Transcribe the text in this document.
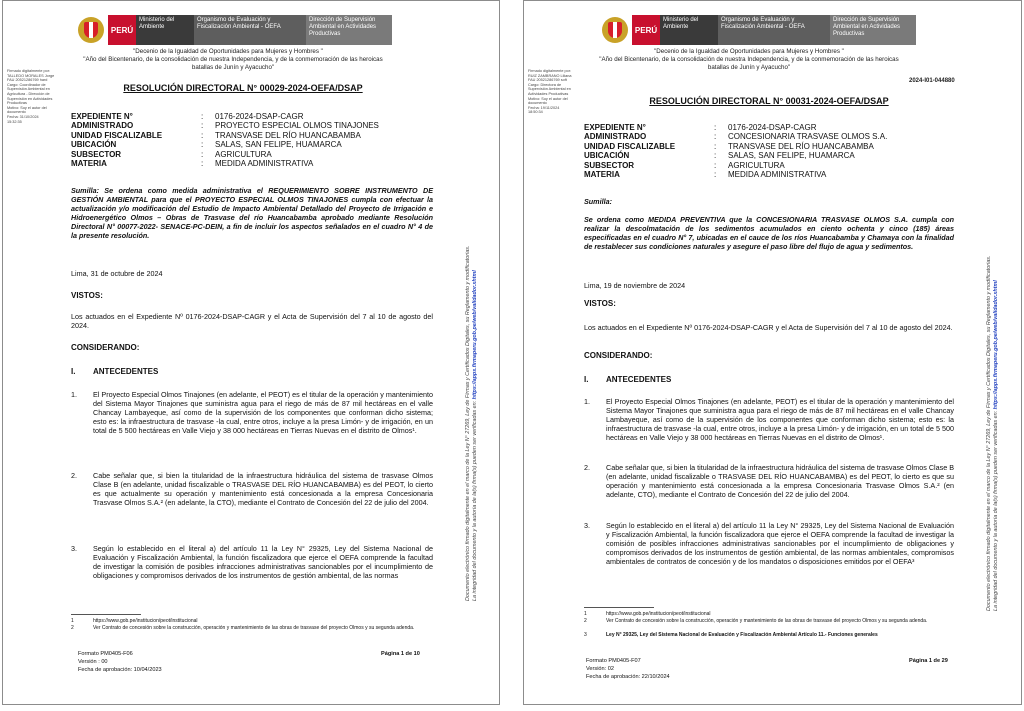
PERÚ
Ministerio del Ambiente
Organismo de Evaluación y Fiscalización Ambiental - OEFA
Dirección de Supervisión Ambiental en Actividades Productivas
"Decenio de la Igualdad de Oportunidades para Mujeres y Hombres "
"Año del Bicentenario, de la consolidación de nuestra Independencia, y de la conmemoración de las heroicas batallas de Junín y Ayacucho"
Firmado digitalmente por:
TALLEDO MORALES Jorge
FAU 20521286769 hard
Cargo: Coordinador de
Supervisión Ambiental en
Agricultura - Dirección de
Supervisión en Actividades
Productivas
Motivo: Soy el autor del
documento
Fecha: 31/10/2024
15:32:35
RESOLUCIÓN DIRECTORAL N° 00029-2024-OEFA/DSAP
EXPEDIENTE N°	:	0176-2024-DSAP-CAGR
ADMINISTRADO	:	PROYECTO ESPECIAL OLMOS TINAJONES
UNIDAD FISCALIZABLE	:	TRANSVASE DEL RÍO HUANCABAMBA
UBICACIÓN	:	SALAS, SAN FELIPE, HUAMARCA
SUBSECTOR	:	AGRICULTURA
MATERIA	:	MEDIDA ADMINISTRATIVA
Sumilla: Se ordena como medida administrativa el REQUERIMIENTO SOBRE INSTRUMENTO DE GESTIÓN AMBIENTAL para que el PROYECTO ESPECIAL OLMOS TINAJONES cumpla con efectuar la actualización y/o modificación del Estudio de Impacto Ambiental Detallado del Proyecto de Irrigación e Hidroenergético Olmos – Obras de Trasvase del río Huancabamba aprobado mediante Resolución Directoral N° 00077-2022- SENACE-PC-DEIN, a fin de incluir los aspectos señalados en el cuadro N° 4 de la presente resolución.
Lima, 31 de octubre de 2024
VISTOS:
Los actuados en el Expediente Nº 0176-2024-DSAP-CAGR y el Acta de Supervisión del 7 al 10 de agosto del 2024.
CONSIDERANDO:
I. ANTECEDENTES
1. El Proyecto Especial Olmos Tinajones (en adelante, el PEOT) es el titular de la operación y mantenimiento del Sistema Mayor Tinajones que suministra agua para el riego de más de 87 mil hectáreas en el valle Chancay Lambayeque, así como de la supervisión de los componentes que conforman dicho sistema; esto es: la infraestructura de trasvase -la cual, entre otros, incluye a la presa Limón- y de irrigación, en un total de 5 500 hectáreas en Valle Viejo y 38 000 hectáreas en Tierras Nuevas en el distrito de Olmos¹.
2. Cabe señalar que, si bien la titularidad de la infraestructura hidráulica del sistema de trasvase Olmos Clase B (en adelante, unidad fiscalizable o TRASVASE DEL RÍO HUANCABAMBA) es del PEOT, lo cierto es que actualmente su operación y mantenimiento está concesionada a la empresa Concesionaria Trasvase Olmos S.A.² (en adelante, la CTO), mediante el Contrato de Concesión del 22 de julio del 2004.
3. Según lo establecido en el literal a) del artículo 11 la Ley N° 29325, Ley del Sistema Nacional de Evaluación y Fiscalización Ambiental, la función fiscalizadora que ejerce el OEFA comprende la facultad de investigar la comisión de posibles infracciones administrativas sancionables por el incumplimiento de obligaciones y compromisos derivados de los instrumentos de gestión ambiental, de las normas
1	https://www.gob.pe/institucion/peot/institucional
2	Ver Contrato de concesión sobre la construcción, operación y mantenimiento de las obras de trasvase del proyecto Olmos y su segunda adenda.
Formato PM0405-F06
Versión : 00
Fecha de aprobación: 10/04/2023
Página 1 de 10
Documento electrónico firmado digitalmente en el marco de la Ley N° 27269, Ley de Firmas y Certificados Digitales, su Reglamento y modificatorias.
La integridad del documento y la autoría de la(s) firma(s) pueden ser verificadas en: https://apps.firmaperu.gob.pe/web/validador.xhtml
PERÚ
Ministerio del Ambiente
Organismo de Evaluación y Fiscalización Ambiental - OEFA
Dirección de Supervisión Ambiental en Actividades Productivas
"Decenio de la Igualdad de Oportunidades para Mujeres y Hombres "
"Año del Bicentenario, de la consolidación de nuestra Independencia, y de la conmemoración de las heroicas batallas de Junín y Ayacucho"
Firmado digitalmente por:
RUIZ ZAMBRANO Liliana
FAU 20521286769 soft
Cargo: Directora de
Supervisión Ambiental en
Actividades Productivas
Motivo: Soy el autor del
documento
Fecha: 19/11/2024
18:50:34
2024-I01-044880
RESOLUCIÓN DIRECTORAL N° 00031-2024-OEFA/DSAP
EXPEDIENTE N°	:	0176-2024-DSAP-CAGR
ADMINISTRADO	:	CONCESIONARIA TRASVASE OLMOS S.A.
UNIDAD FISCALIZABLE	:	TRANSVASE DEL RÍO HUANCABAMBA
UBICACIÓN	:	SALAS, SAN FELIPE, HUAMARCA
SUBSECTOR	:	AGRICULTURA
MATERIA	:	MEDIDA ADMINISTRATIVA
Sumilla:
Se ordena como MEDIDA PREVENTIVA que la CONCESIONARIA TRASVASE OLMOS S.A. cumpla con realizar la descolmatación de los sedimentos acumulados en ciento ochenta y cinco (185) áreas especificadas en el cuadro N° 7, ubicadas en el cauce de los ríos Huancabamba y Chamaya con la finalidad de restablecer sus condiciones naturales y asegure el paso libre del flujo de agua y sedimentos.
Lima, 19 de noviembre de 2024
VISTOS:
Los actuados en el Expediente Nº 0176-2024-DSAP-CAGR y el Acta de Supervisión del 7 al 10 de agosto del 2024.
CONSIDERANDO:
I. ANTECEDENTES
1. El Proyecto Especial Olmos Tinajones (en adelante, PEOT) es el titular de la operación y mantenimiento del Sistema Mayor Tinajones que suministra agua para el riego de más de 87 mil hectáreas en el valle Chancay Lambayeque, así como de la supervisión de los componentes que conforman dicho sistema; esto es: la infraestructura de trasvase -la cual, entre otros, incluye a la presa Limón- y de irrigación, en un total de 5 500 hectáreas en Valle Viejo y 38 000 hectáreas en Tierras Nuevas en el distrito de Olmos¹.
2. Cabe señalar que, si bien la titularidad de la infraestructura hidráulica del sistema de trasvase Olmos Clase B (en adelante, unidad fiscalizable o TRASVASE DEL RÍO HUANCABAMBA) es del PEOT, lo cierto es que su operación y mantenimiento está concesionada a la empresa Concesionaria Trasvase Olmos S.A.² (en adelante, CTO), mediante el Contrato de Concesión del 22 de julio del 2004.
3. Según lo establecido en el literal a) del artículo 11 la Ley N° 29325, Ley del Sistema Nacional de Evaluación y Fiscalización Ambiental, la función fiscalizadora que ejerce el OEFA comprende la facultad de investigar la comisión de posibles infracciones administrativas sancionables por el incumplimiento de obligaciones y compromisos derivados de los instrumentos de gestión ambiental, de las normas ambientales, compromisos ambientales de contratos de concesión y de los mandatos o disposiciones emitidos por el OEFA³
1	https://www.gob.pe/institucion/peot/institucional
2	Ver Contrato de concesión sobre la construcción, operación y mantenimiento de las obras de trasvase del proyecto Olmos y su segunda adenda.
3	Ley N° 29325, Ley del Sistema Nacional de Evaluación y Fiscalización Ambiental Artículo 11.- Funciones generales
Formato PM0405-F07
Versión: 02
Fecha de aprobación: 22/10/2024
Página 1 de 29
Documento electrónico firmado digitalmente en el marco de la Ley N° 27269, Ley de Firmas y Certificados Digitales, su Reglamento y modificatorias.
La integridad del documento y la autoría de la(s) firma(s) pueden ser verificadas en: https://apps.firmaperu.gob.pe/web/validador.xhtml
